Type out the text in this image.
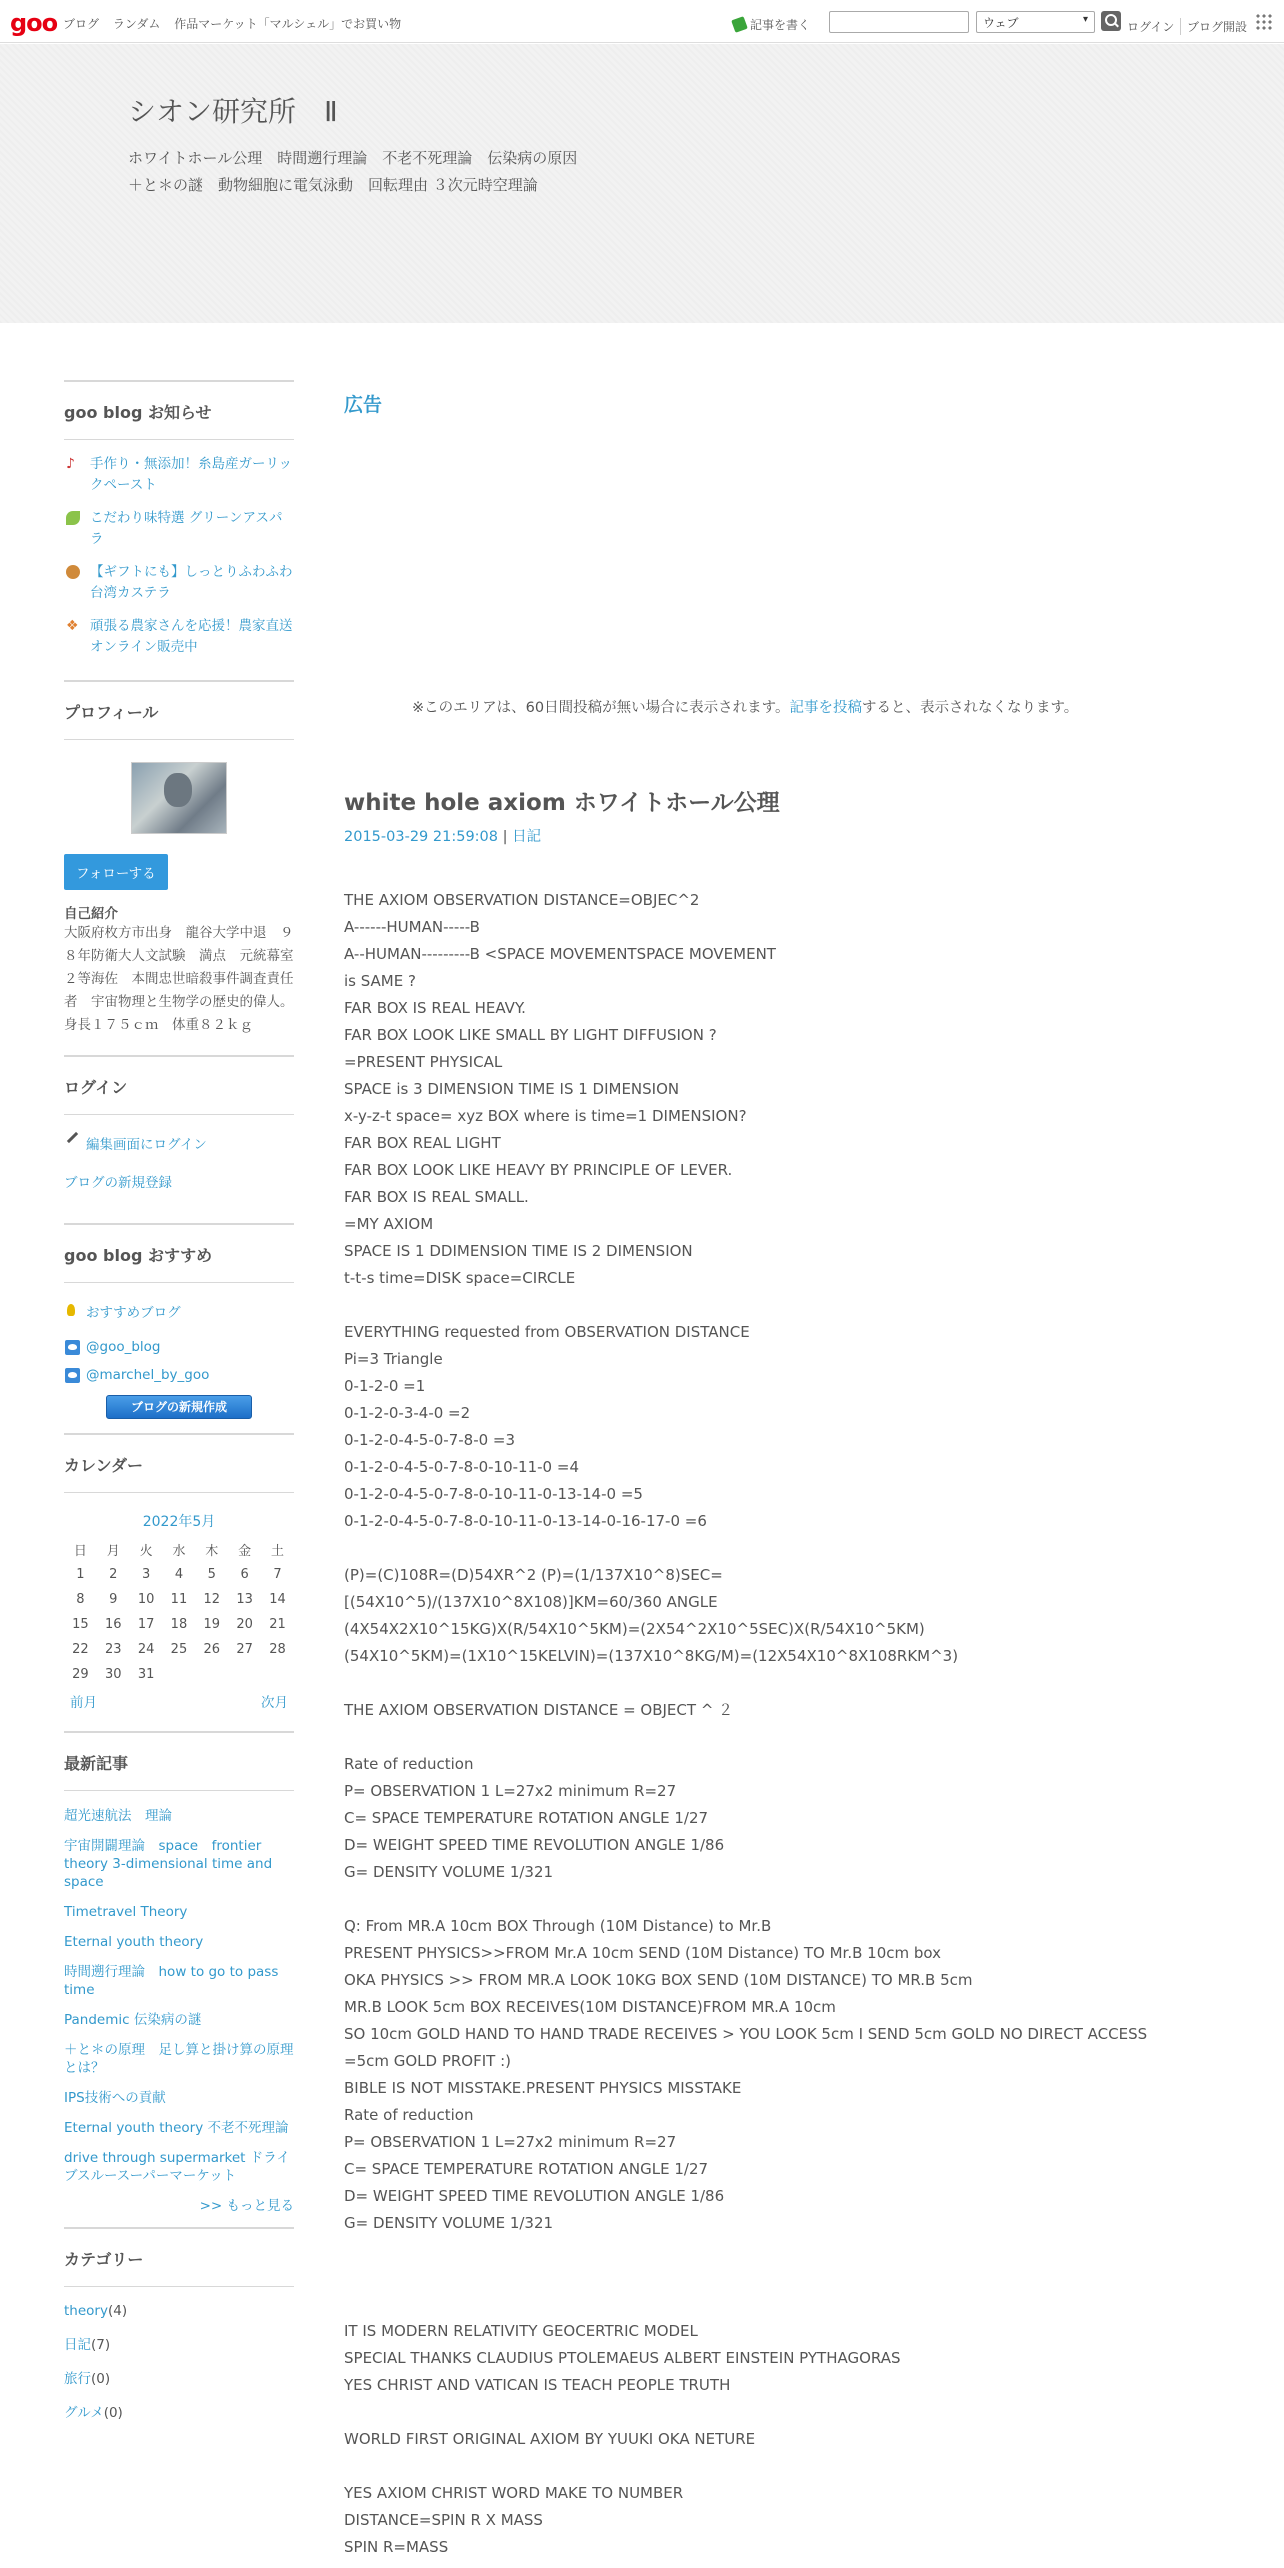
goo ブログ ランダム 作品マーケット「マルシェル」でお買い物	記事を書く	ウェブ	▾
ログイン	ブログ開設
シオン研究所　Ⅱ
ホワイトホール公理　時間遡行理論　不老不死理論　伝染病の原因
＋と＊の謎　動物細胞に電気泳動　回転理由 ３次元時空理論
goo blog お知らせ
♪	手作り・無添加！糸島産ガーリックペースト
こだわり味特選 グリーンアスパラ
【ギフトにも】しっとりふわふわ台湾カステラ
❖ 頑張る農家さんを応援！農家直送オンライン販売中
プロフィール
フォローする
自己紹介
大阪府枚方市出身　龍谷大学中退　９８年防衛大人文試験　満点　元統幕室２等海佐　本間忠世暗殺事件調査責任者　宇宙物理と生物学の歴史的偉人。身長１７５ｃｍ　体重８２ｋｇ
ログイン
編集画面にログイン
ブログの新規登録
goo blog おすすめ
おすすめブログ
@goo_blog
@marchel_by_goo
ブログの新規作成
カレンダー
2022年5月
日	月	火	水	木	金	土
1	2	3	4	5	6	7
8	9	10	11	12	13	14
15	16	17	18	19	20	21
22	23	24	25	26	27	28
29	30	31				
前月	次月
最新記事
超光速航法　理論
宇宙開闢理論　space　frontier theory 3-dimensional time and space
Timetravel Theory
Eternal youth theory
時間遡行理論　how to go to pass time
Pandemic 伝染病の謎
＋と＊の原理　足し算と掛け算の原理とは？
IPS技術への貢献
Eternal youth theory 不老不死理論
drive through supermarket ドライブスルースーパーマーケット
>> もっと見る
カテゴリー
theory(4)
日記(7)
旅行(0)
グルメ(0)
広告
※このエリアは、60日間投稿が無い場合に表示されます。記事を投稿すると、表示されなくなります。
white hole axiom ホワイトホール公理
2015-03-29 21:59:08 | 日記
THE AXIOM OBSERVATION DISTANCE=OBJEC^2
A------HUMAN-----B
A--HUMAN---------B <SPACE MOVEMENTSPACE MOVEMENT
is SAME ?
FAR BOX IS REAL HEAVY.
FAR BOX LOOK LIKE SMALL BY LIGHT DIFFUSION ?
=PRESENT PHYSICAL
SPACE is 3 DIMENSION TIME IS 1 DIMENSION
x-y-z-t space= xyz BOX where is time=1 DIMENSION?
FAR BOX REAL LIGHT
FAR BOX LOOK LIKE HEAVY BY PRINCIPLE OF LEVER.
FAR BOX IS REAL SMALL.
=MY AXIOM
SPACE IS 1 DDIMENSION TIME IS 2 DIMENSION
t-t-s time=DISK space=CIRCLE
EVERYTHING requested from OBSERVATION DISTANCE
Pi=3 Triangle
0-1-2-0 =1
0-1-2-0-3-4-0 =2
0-1-2-0-4-5-0-7-8-0 =3
0-1-2-0-4-5-0-7-8-0-10-11-0 =4
0-1-2-0-4-5-0-7-8-0-10-11-0-13-14-0 =5
0-1-2-0-4-5-0-7-8-0-10-11-0-13-14-0-16-17-0 =6
(P)=(C)108R=(D)54XR^2 (P)=(1/137X10^8)SEC=
[(54X10^5)/(137X10^8X108)]KM=60/360 ANGLE
(4X54X2X10^15KG)X(R/54X10^5KM)=(2X54^2X10^5SEC)X(R/54X10^5KM)
(54X10^5KM)=(1X10^15KELVIN)=(137X10^8KG/M)=(12X54X10^8X108RKM^3)
THE AXIOM OBSERVATION DISTANCE = OBJECT ^ ２
Rate of reduction
P= OBSERVATION 1 L=27x2 minimum R=27
C= SPACE TEMPERATURE ROTATION ANGLE 1/27
D= WEIGHT SPEED TIME REVOLUTION ANGLE 1/86
G= DENSITY VOLUME 1/321
Q: From MR.A 10cm BOX Through (10M Distance) to Mr.B
PRESENT PHYSICS>>FROM Mr.A 10cm SEND (10M Distance) TO Mr.B 10cm box
OKA PHYSICS >> FROM MR.A LOOK 10KG BOX SEND (10M DISTANCE) TO MR.B 5cm
MR.B LOOK 5cm BOX RECEIVES(10M DISTANCE)FROM MR.A 10cm
SO 10cm GOLD HAND TO HAND TRADE RECEIVES > YOU LOOK 5cm I SEND 5cm GOLD NO DIRECT ACCESS
=5cm GOLD PROFIT :)
BIBLE IS NOT MISSTAKE.PRESENT PHYSICS MISSTAKE
Rate of reduction
P= OBSERVATION 1 L=27x2 minimum R=27
C= SPACE TEMPERATURE ROTATION ANGLE 1/27
D= WEIGHT SPEED TIME REVOLUTION ANGLE 1/86
G= DENSITY VOLUME 1/321
IT IS MODERN RELATIVITY GEOCERTRIC MODEL
SPECIAL THANKS CLAUDIUS PTOLEMAEUS ALBERT EINSTEIN PYTHAGORAS
YES CHRIST AND VATICAN IS TEACH PEOPLE TRUTH
WORLD FIRST ORIGINAL AXIOM BY YUUKI OKA NETURE
YES AXIOM CHRIST WORD MAKE TO NUMBER
DISTANCE=SPIN R X MASS
SPIN R=MASS
